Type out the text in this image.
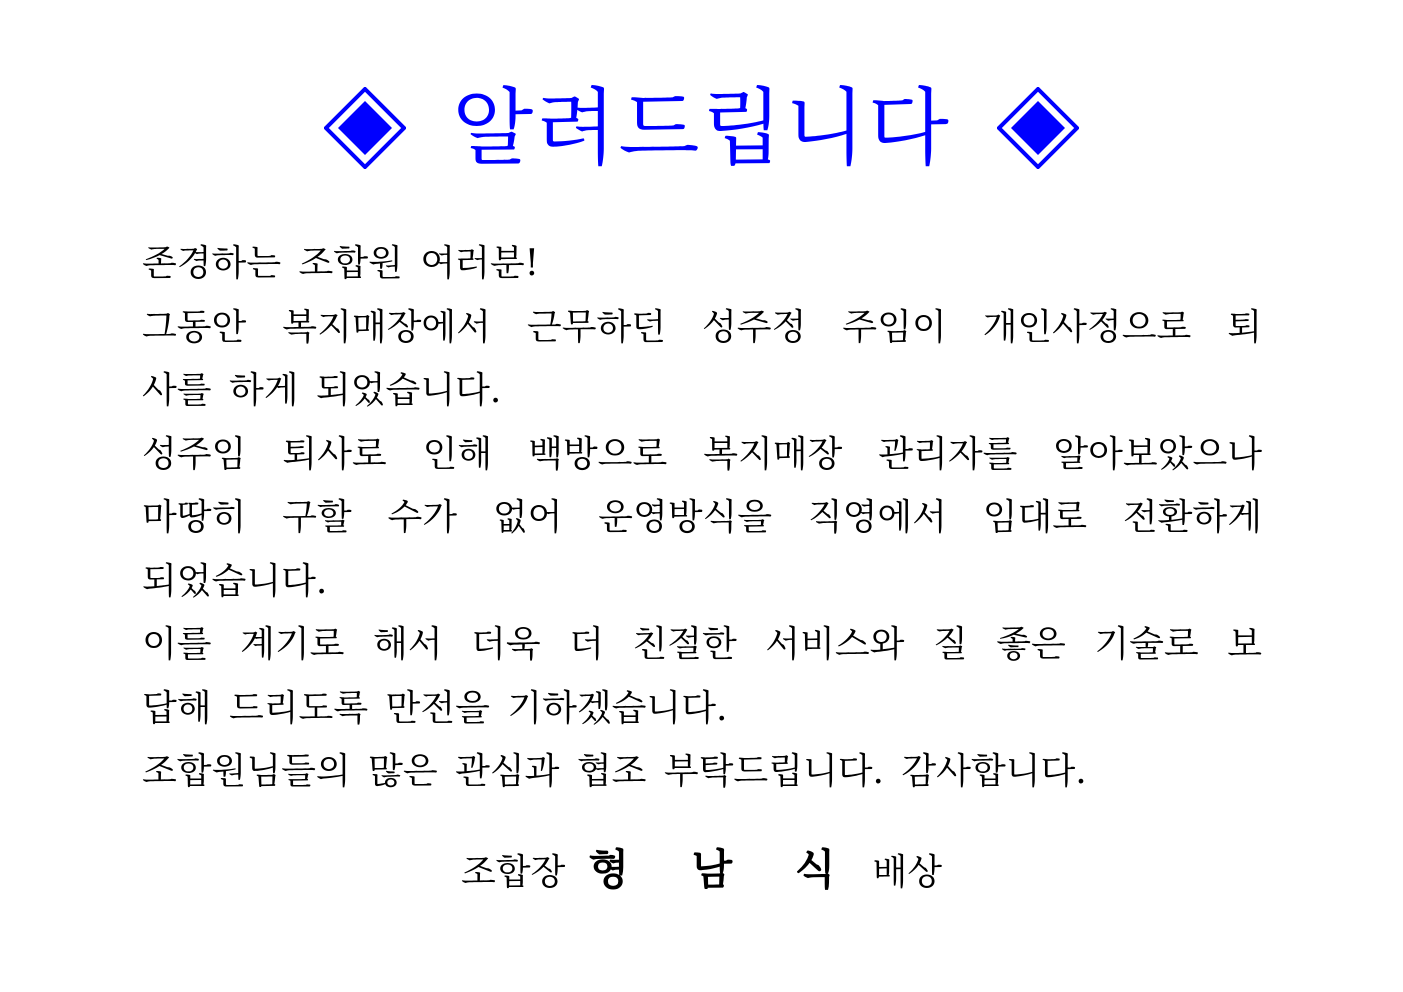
알려드립니다
존경하는 조합원 여러분!
그동안 복지매장에서 근무하던 성주정 주임이 개인사정으로 퇴
사를 하게 되었습니다.
성주임 퇴사로 인해 백방으로 복지매장 관리자를 알아보았으나
마땅히 구할 수가 없어 운영방식을 직영에서 임대로 전환하게
되었습니다.
이를 계기로 해서 더욱 더 친절한 서비스와 질 좋은 기술로 보
답해 드리도록 만전을 기하겠습니다.
조합원님들의 많은 관심과 협조 부탁드립니다. 감사합니다.
조합장 형 남 식 배상
